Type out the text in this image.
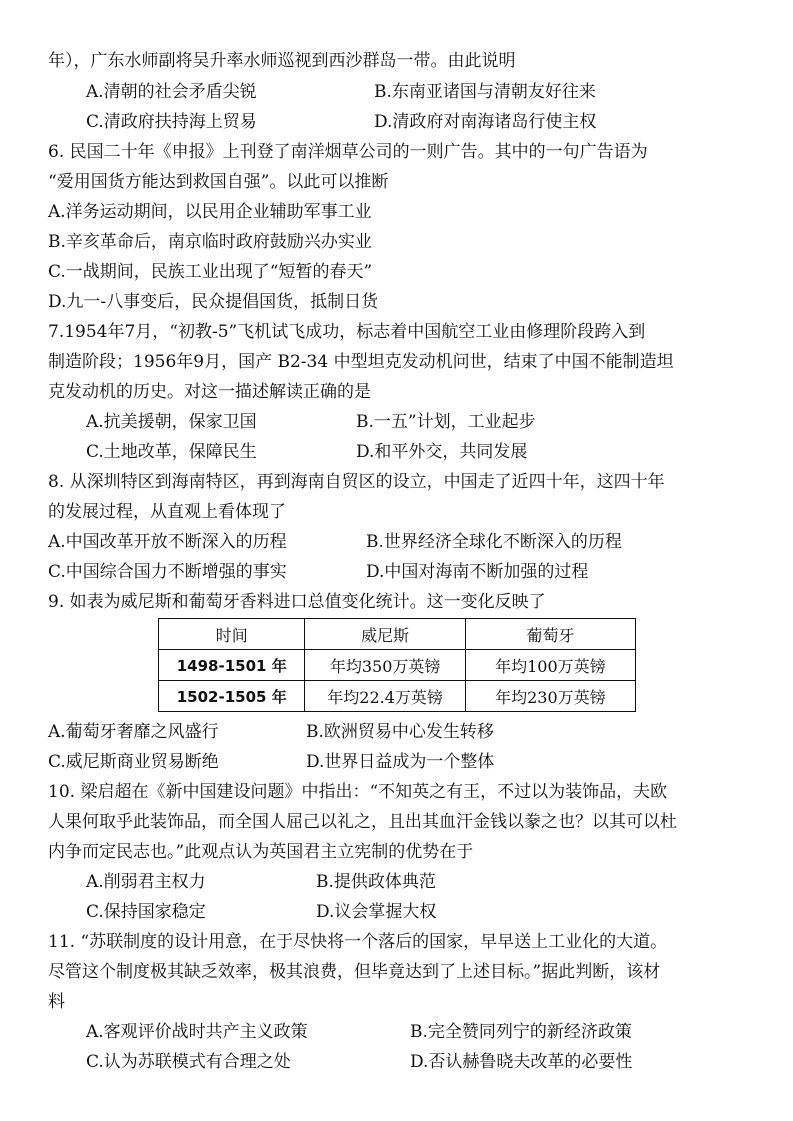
年），广东水师副将吴升率水师巡视到西沙群岛一带。由此说明
A.清朝的社会矛盾尖锐	B.东南亚诸国与清朝友好往来
C.清政府扶持海上贸易	D.清政府对南海诸岛行使主权
6. 民国二十年《申报》上刊登了南洋烟草公司的一则广告。其中的一句广告语为
“爱用国货方能达到救国自强”。以此可以推断
A.洋务运动期间，以民用企业辅助军事工业
B.辛亥革命后，南京临时政府鼓励兴办实业
C.一战期间，民族工业出现了“短暂的春天”
D.九一-八事变后，民众提倡国货，抵制日货
7.1954年7月，“初教-5”飞机试飞成功，标志着中国航空工业由修理阶段跨入到
制造阶段；1956年9月，国产 B2-34 中型坦克发动机问世，结束了中国不能制造坦
克发动机的历史。对这一描述解读正确的是
A.抗美援朝，保家卫国	B.一五”计划，工业起步
C.土地改革，保障民生	D.和平外交，共同发展
8. 从深圳特区到海南特区，再到海南自贸区的设立，中国走了近四十年，这四十年
的发展过程，从直观上看体现了
A.中国改革开放不断深入的历程	B.世界经济全球化不断深入的历程
C.中国综合国力不断增强的事实	D.中国对海南不断加强的过程
9. 如表为威尼斯和葡萄牙香料进口总值变化统计。这一变化反映了
时间	威尼斯	葡萄牙
1498-1501 年	年均350万英镑	年均100万英镑
1502-1505 年	年均22.4万英镑	年均230万英镑
A.葡萄牙奢靡之风盛行	B.欧洲贸易中心发生转移
C.威尼斯商业贸易断绝	D.世界日益成为一个整体
10. 梁启超在《新中国建设问题》中指出：“不知英之有王，不过以为装饰品，夫欧
人果何取乎此装饰品，而全国人屈己以礼之，且出其血汗金钱以豢之也？以其可以杜
内争而定民志也。”此观点认为英国君主立宪制的优势在于
A.削弱君主权力	B.提供政体典范
C.保持国家稳定	D.议会掌握大权
11. “苏联制度的设计用意，在于尽快将一个落后的国家，早早送上工业化的大道。
尽管这个制度极其缺乏效率，极其浪费，但毕竟达到了上述目标。”据此判断，该材
料
A.客观评价战时共产主义政策	B.完全赞同列宁的新经济政策
C.认为苏联模式有合理之处	D.否认赫鲁晓夫改革的必要性
